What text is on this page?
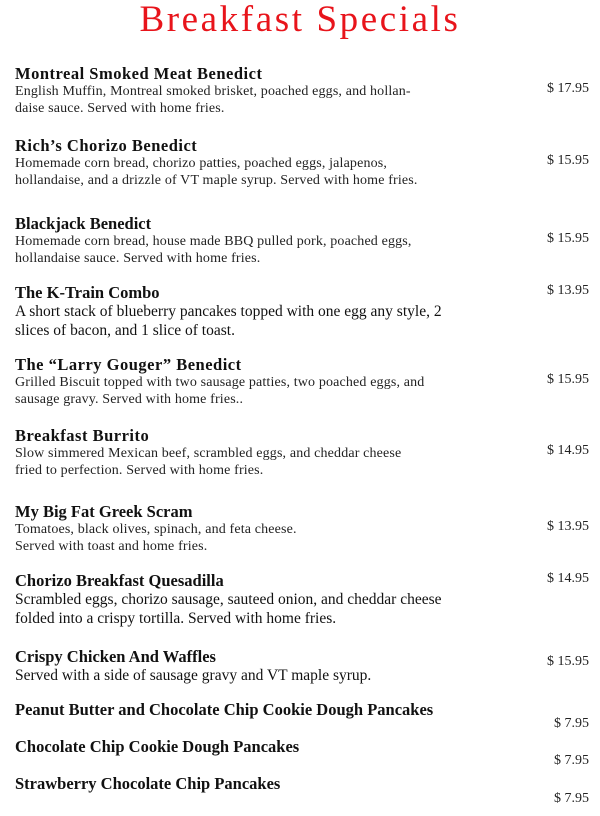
Breakfast Specials
Montreal Smoked Meat Benedict
English Muffin, Montreal smoked brisket, poached eggs, and hollan-
daise sauce. Served with home fries.
$ 17.95
Rich’s Chorizo Benedict
Homemade corn bread, chorizo patties, poached eggs, jalapenos,
hollandaise, and a drizzle of VT maple syrup. Served with home fries.
$ 15.95
Blackjack Benedict
Homemade corn bread, house made BBQ pulled pork, poached eggs,
hollandaise sauce. Served with home fries.
$ 15.95
The K-Train Combo
A short stack of blueberry pancakes topped with one egg any style, 2
slices of bacon, and 1 slice of toast.
$ 13.95
The “Larry Gouger” Benedict
Grilled Biscuit topped with two sausage patties, two poached eggs, and
sausage gravy. Served with home fries..
$ 15.95
Breakfast Burrito
Slow simmered Mexican beef, scrambled eggs, and cheddar cheese
fried to perfection. Served with home fries.
$ 14.95
My Big Fat Greek Scram
Tomatoes, black olives, spinach, and feta cheese.
Served with toast and home fries.
$ 13.95
Chorizo Breakfast Quesadilla
Scrambled eggs, chorizo sausage, sauteed onion, and cheddar cheese
folded into a crispy tortilla. Served with home fries.
$ 14.95
Crispy Chicken And Waffles
Served with a side of sausage gravy and VT maple syrup.
$ 15.95
Peanut Butter and Chocolate Chip Cookie Dough Pancakes
$ 7.95
Chocolate Chip Cookie Dough Pancakes
$ 7.95
Strawberry Chocolate Chip Pancakes
$ 7.95
